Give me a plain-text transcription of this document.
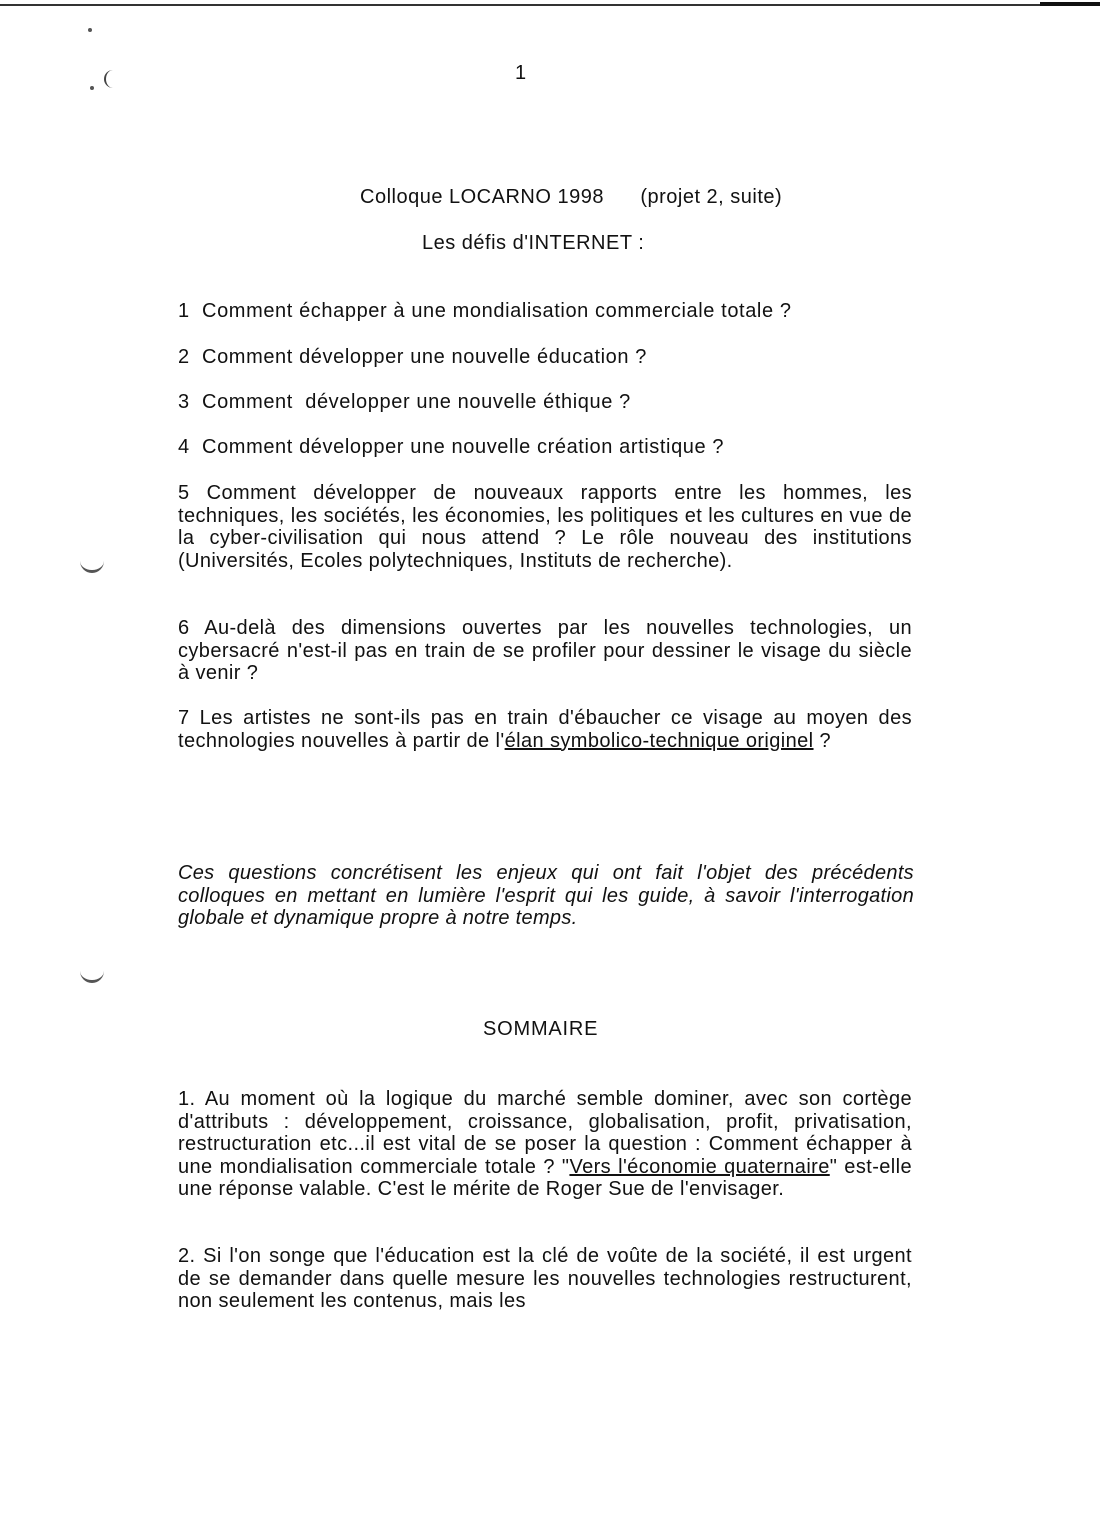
1
Colloque LOCARNO 1998 (projet 2, suite)
Les défis d'INTERNET :
1  Comment échapper à une mondialisation commerciale totale ?
2  Comment développer une nouvelle éducation ?
3  Comment  développer une nouvelle éthique ?
4  Comment développer une nouvelle création artistique ?
5 Comment développer de nouveaux rapports entre les hommes, les techniques, les sociétés, les économies, les politiques et les cultures en vue de la cyber-civilisation qui nous attend ? Le rôle nouveau des institutions (Universités, Ecoles polytechniques, Instituts de recherche).
6 Au-delà des dimensions ouvertes par les nouvelles technologies, un cybersacré n'est-il pas en train de se profiler pour dessiner le visage du siècle à venir ?
7 Les artistes ne sont-ils pas en train d'ébaucher ce visage au moyen des technologies nouvelles à partir de l'élan symbolico-technique originel ?
Ces questions concrétisent les enjeux qui ont fait l'objet des précédents colloques en mettant en lumière l'esprit qui les guide, à savoir l'interrogation globale et dynamique propre à notre temps.
SOMMAIRE
1. Au moment où la logique du marché semble dominer, avec son cortège d'attributs : développement, croissance, globalisation, profit, privatisation, restructuration etc...il est vital de se poser la question : Comment échapper à une mondialisation commerciale totale ? "Vers l'économie quaternaire" est-elle une réponse valable. C'est le mérite de Roger Sue de l'envisager.
2. Si l'on songe que l'éducation est la clé de voûte de la société, il est urgent de se demander dans quelle mesure les nouvelles technologies restructurent, non seulement les contenus, mais les
